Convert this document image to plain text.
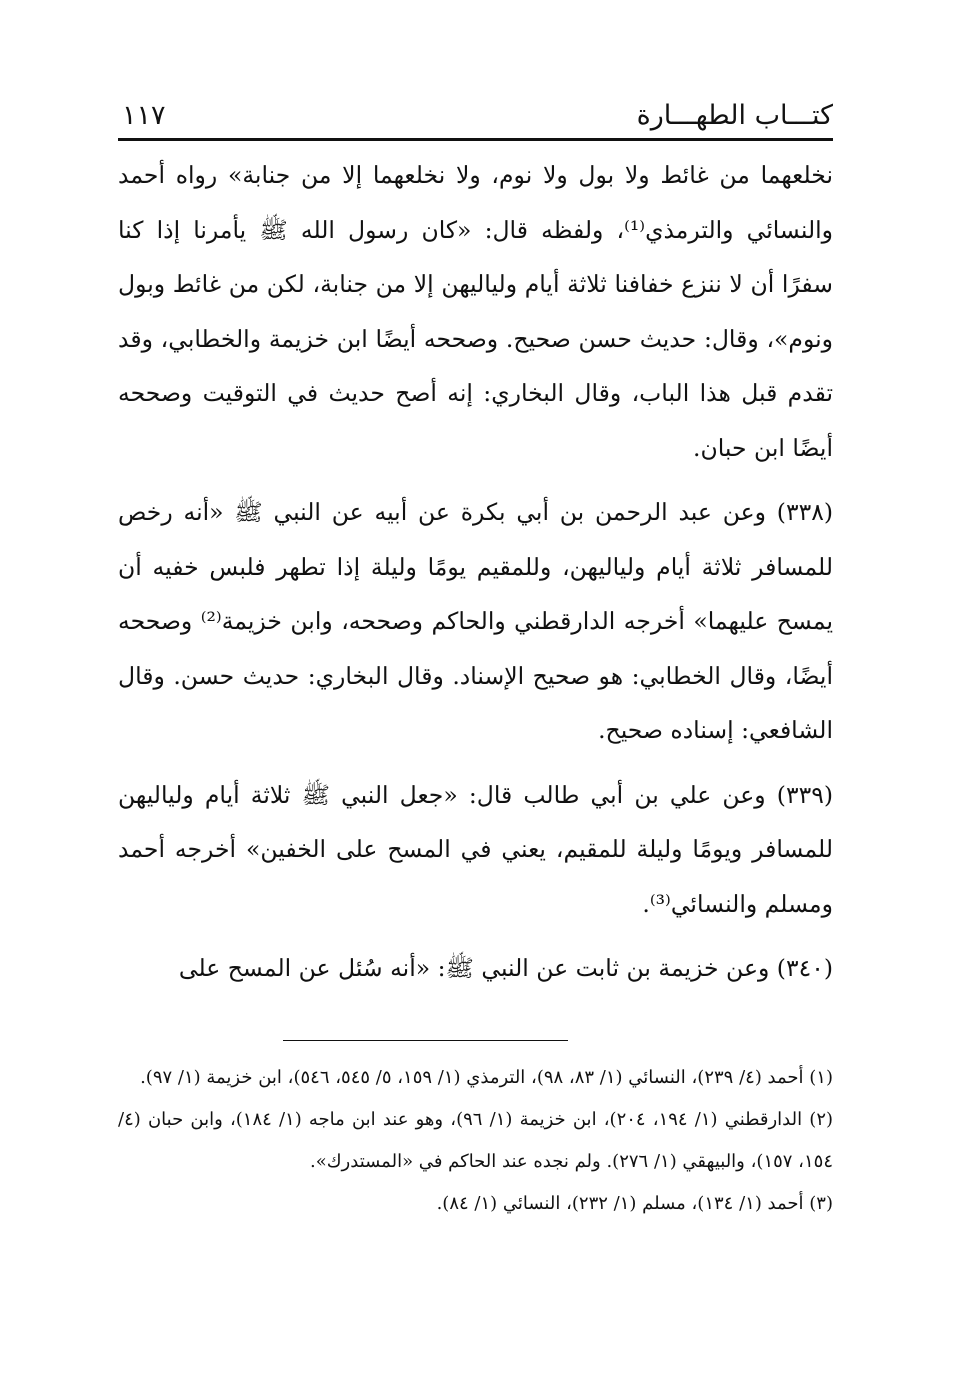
كتـــاب الطهـــارة
١١٧

نخلعهما من غائط ولا بول ولا نوم، ولا نخلعهما إلا من جنابة» رواه أحمد والنسائي والترمذي⁽¹⁾، ولفظه قال: «كان رسول الله ﷺ يأمرنا إذا كنا سفرًا أن لا ننزع خفافنا ثلاثة أيام ولياليهن إلا من جنابة، لكن من غائط وبول ونوم»، وقال: حديث حسن صحيح. وصححه أيضًا ابن خزيمة والخطابي، وقد تقدم قبل هذا الباب، وقال البخاري: إنه أصح حديث في التوقيت وصححه أيضًا ابن حبان.

(٣٣٨) وعن عبد الرحمن بن أبي بكرة عن أبيه عن النبي ﷺ «أنه رخص للمسافر ثلاثة أيام ولياليهن، وللمقيم يومًا وليلة إذا تطهر فلبس خفيه أن يمسح عليهما» أخرجه الدارقطني والحاكم وصححه، وابن خزيمة⁽²⁾ وصححه أيضًا، وقال الخطابي: هو صحيح الإسناد. وقال البخاري: حديث حسن. وقال الشافعي: إسناده صحيح.

(٣٣٩) وعن علي بن أبي طالب قال: «جعل النبي ﷺ ثلاثة أيام ولياليهن للمسافر ويومًا وليلة للمقيم، يعني في المسح على الخفين» أخرجه أحمد ومسلم والنسائي⁽³⁾.

(٣٤٠) وعن خزيمة بن ثابت عن النبي ﷺ: «أنه سُئل عن المسح على

(١) أحمد (٤/ ٢٣٩)، النسائي (١/ ٨٣، ٩٨)، الترمذي (١/ ١٥٩، ٥/ ٥٤٥، ٥٤٦)، ابن خزيمة (١/ ٩٧).

(٢) الدارقطني (١/ ١٩٤، ٢٠٤)، ابن خزيمة (١/ ٩٦)، وهو عند ابن ماجه (١/ ١٨٤)، وابن حبان (٤/ ١٥٤، ١٥٧)، والبيهقي (١/ ٢٧٦). ولم نجده عند الحاكم في «المستدرك».

(٣) أحمد (١/ ١٣٤)، مسلم (١/ ٢٣٢)، النسائي (١/ ٨٤).
